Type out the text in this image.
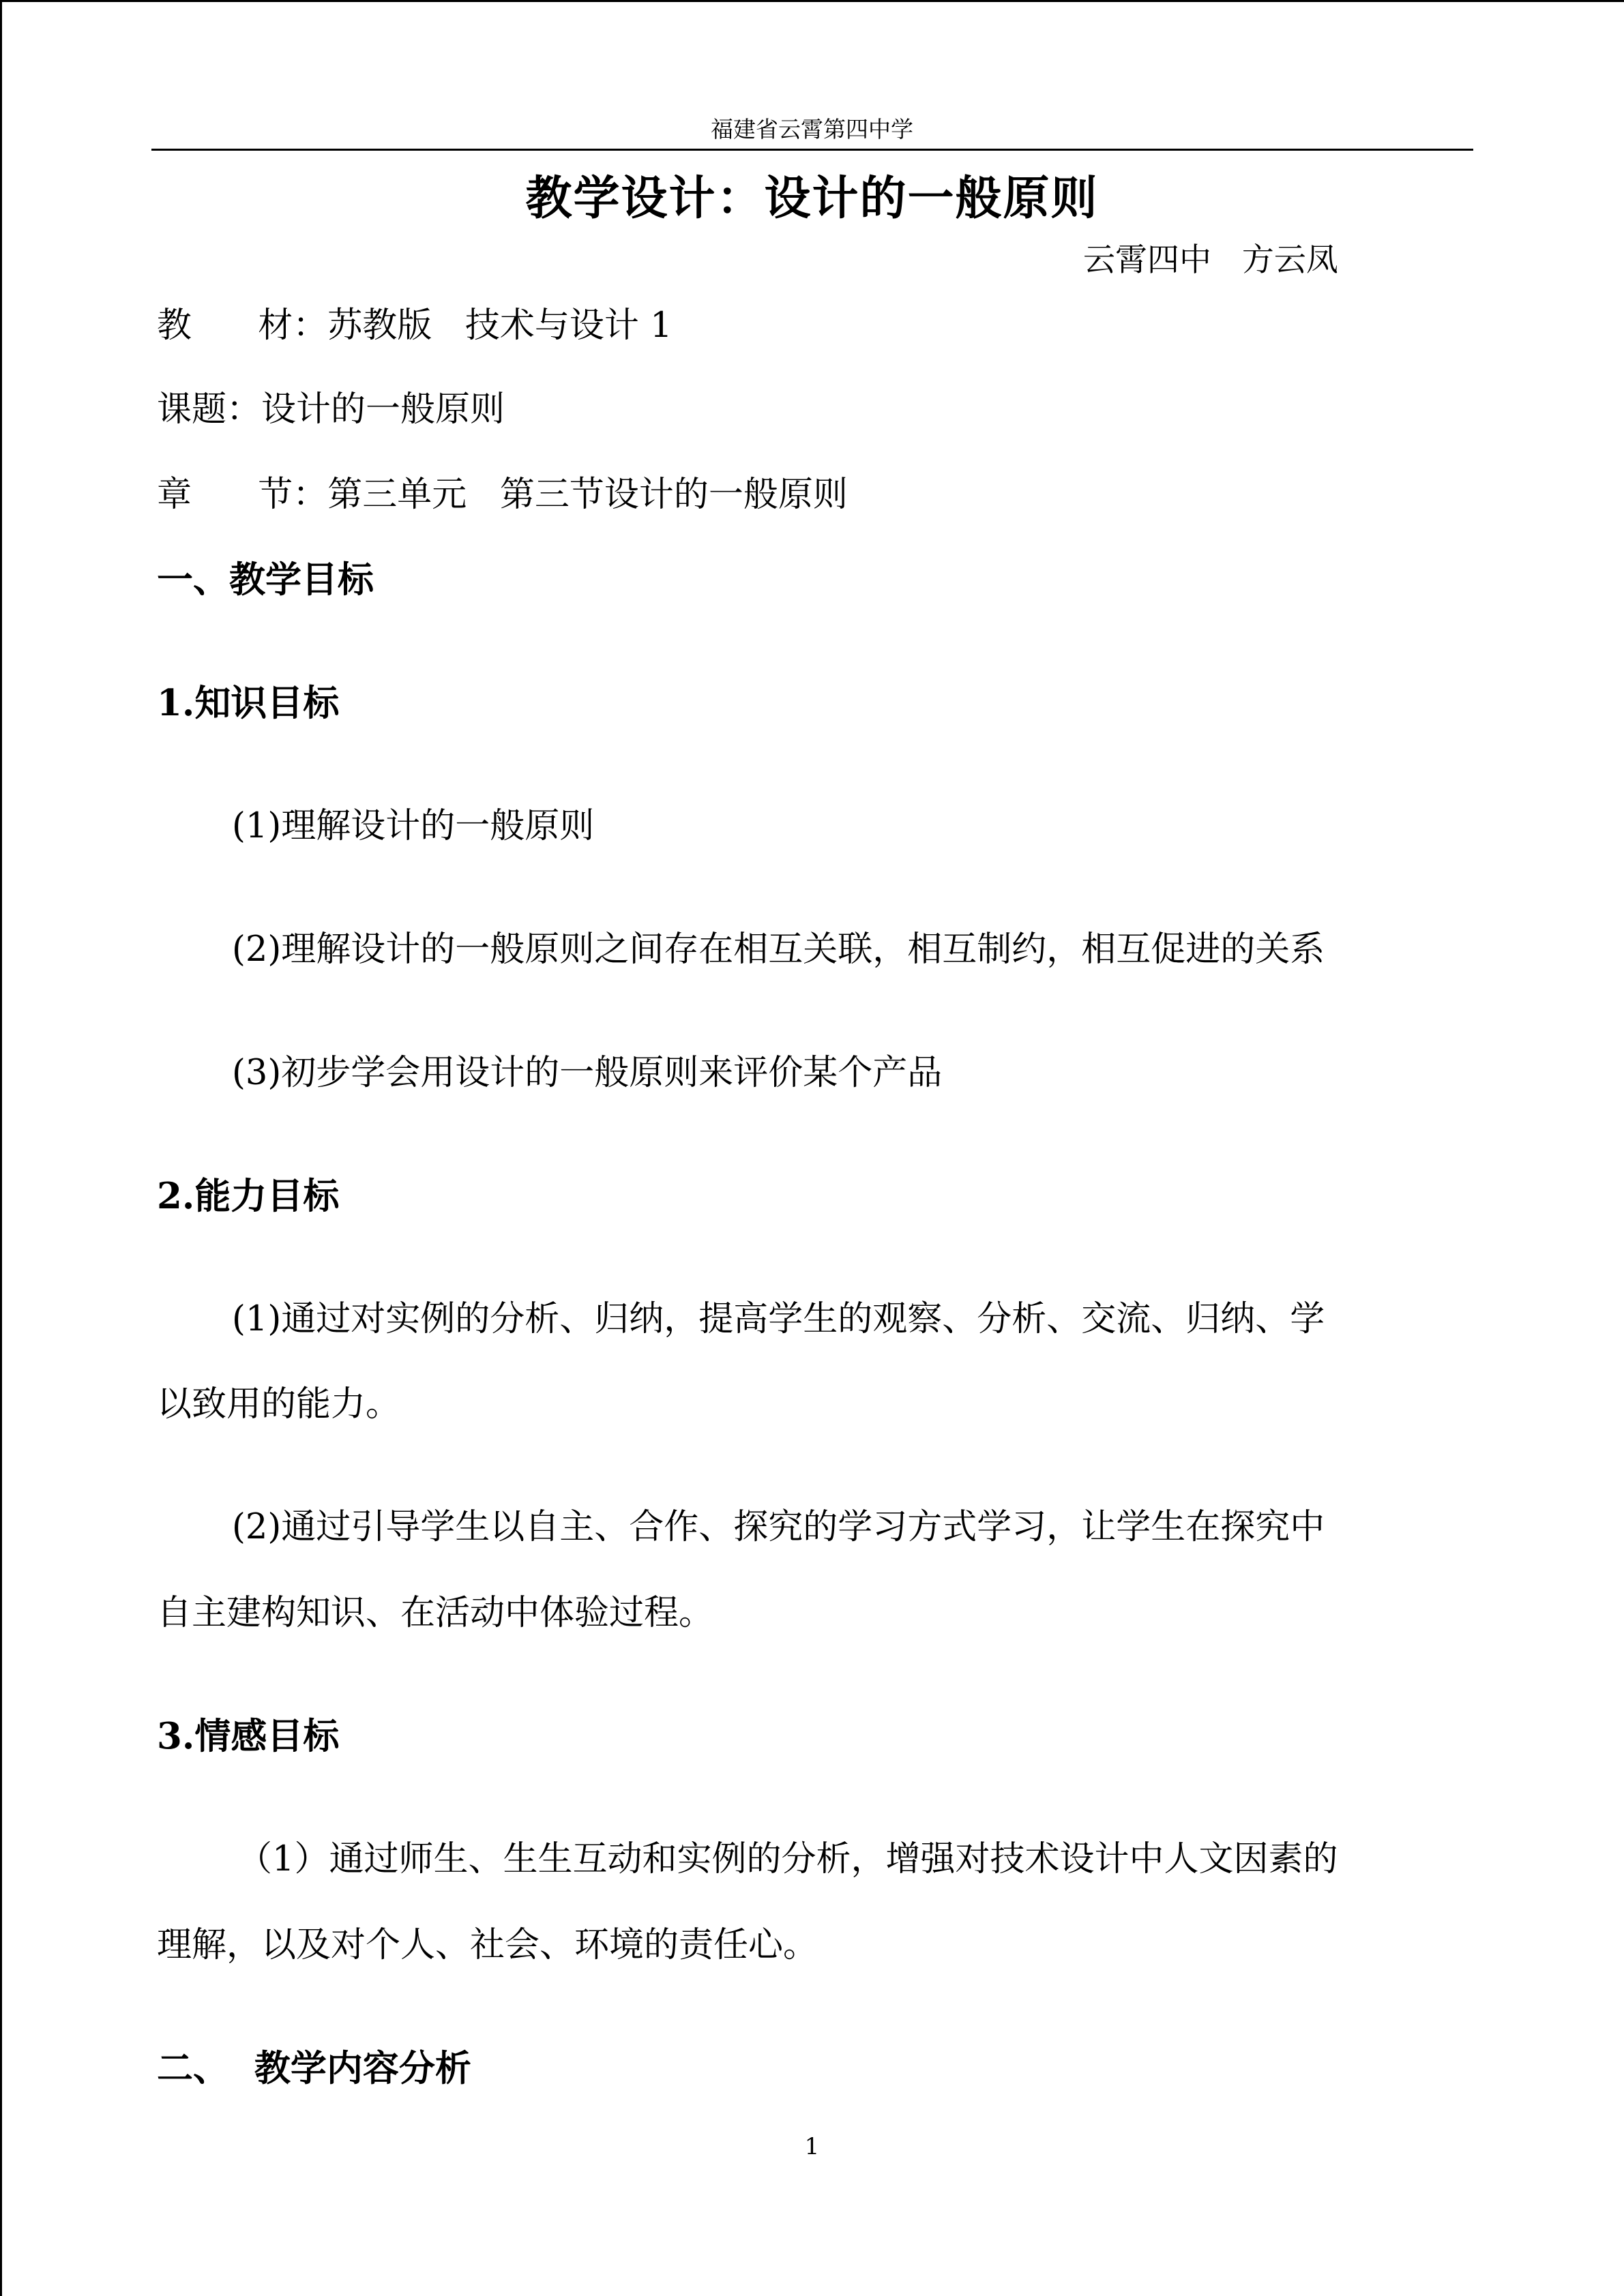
福建省云霄第四中学
教学设计：设计的一般原则
云霄四中   方云凤
教      材：苏教版   技术与设计 1
课题：设计的一般原则
章      节：第三单元   第三节设计的一般原则
一、教学目标
1.知识目标
(1)理解设计的一般原则
(2)理解设计的一般原则之间存在相互关联，相互制约，相互促进的关系
(3)初步学会用设计的一般原则来评价某个产品
2.能力目标
(1)通过对实例的分析、归纳，提高学生的观察、分析、交流、归纳、学
以致用的能力。
(2)通过引导学生以自主、合作、探究的学习方式学习，让学生在探究中
自主建构知识、在活动中体验过程。
3.情感目标
（1）通过师生、生生互动和实例的分析，增强对技术设计中人文因素的
理解，以及对个人、社会、环境的责任心。
二、  教学内容分析
1
